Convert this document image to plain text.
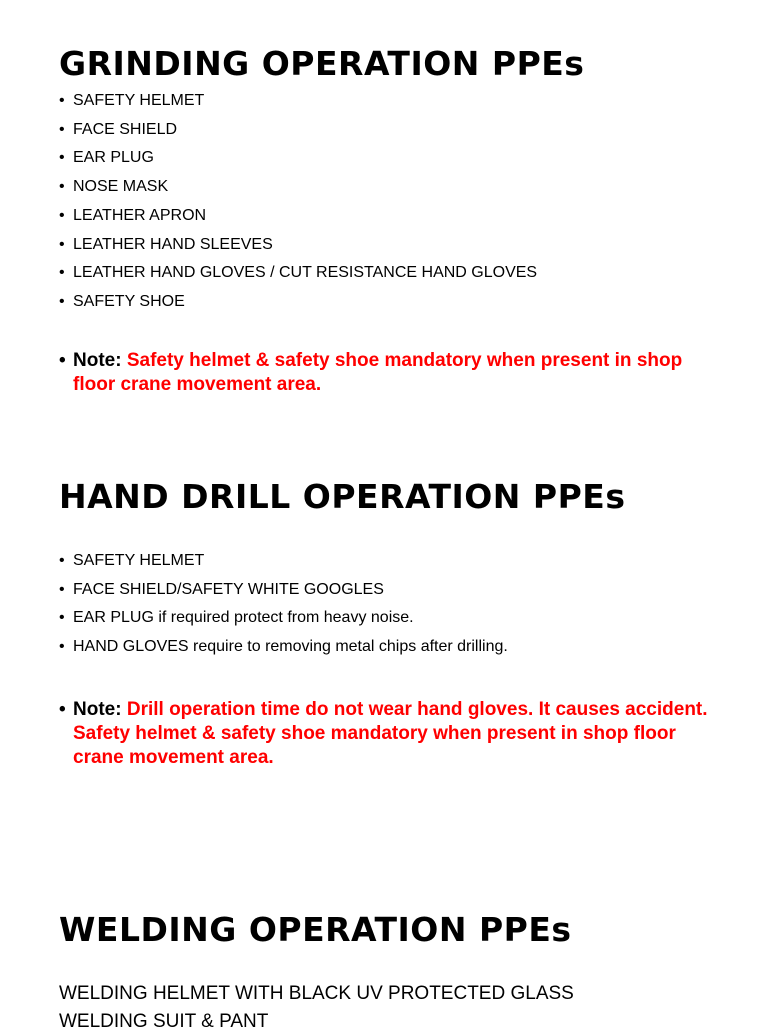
GRINDING OPERATION PPEs
• SAFETY HELMET
• FACE SHIELD
• EAR PLUG
• NOSE MASK
• LEATHER APRON
• LEATHER HAND SLEEVES
• LEATHER HAND GLOVES / CUT RESISTANCE HAND GLOVES
• SAFETY SHOE
• Note: Safety helmet & safety shoe mandatory when present in shop floor crane movement area.
HAND DRILL OPERATION PPEs
• SAFETY HELMET
• FACE SHIELD/SAFETY WHITE GOOGLES
• EAR PLUG if required protect from heavy noise.
• HAND GLOVES require to removing metal chips after drilling.
• Note: Drill operation time do not wear hand gloves. It causes accident. Safety helmet & safety shoe mandatory when present in shop floor crane movement area.
WELDING OPERATION PPEs
WELDING HELMET WITH BLACK UV PROTECTED GLASS
WELDING SUIT & PANT
